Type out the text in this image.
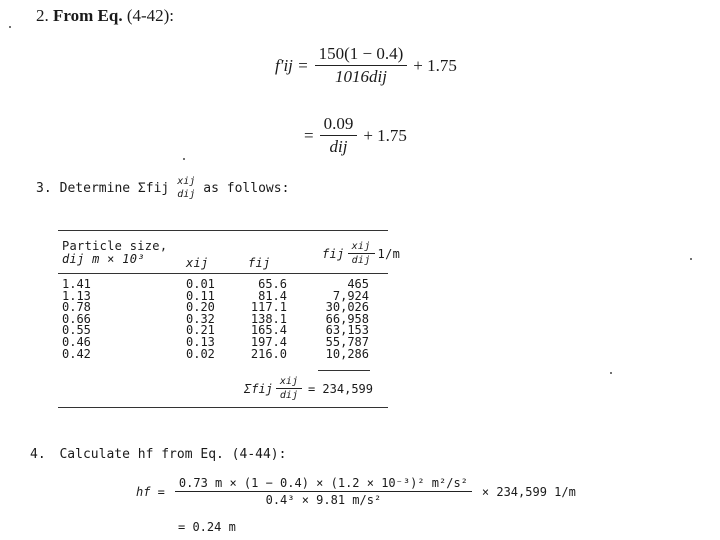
2. From Eq. (4-42):
$f'ij = \frac{150(1 - 0.4)}{\text{1016dij}} + 1.75$
= $\frac{0.09}{\text{dij}} + 1.75$
3. Determine Σfij xij
dij as follows:
Particle size,
dij m × 10³	xij	fij
fij $\frac{\text{xij}}{\text{dij}} 1/m$
1.41
1.13
0.78
0.66
0.55
0.46
0.42
0.01
0.11
0.20
0.32
0.21
0.13
0.02
65.6
81.4
117.1
138.1
165.4
197.4
216.0
465
7,924
30,026
66,958
63,153
55,787
10,286
Σfij $\frac{\text{xij}}{\text{dij}} = 234,599$
4. Calculate hf from Eq. (4-44):
hf = $\frac{\text{0.73 m × (1 − 0.4) × (1.2 × 10⁻³)² m²/s²}}{\text{0.4³ × 9.81 m/s²}} \times 234,599$ 1/m
= 0.24 m
